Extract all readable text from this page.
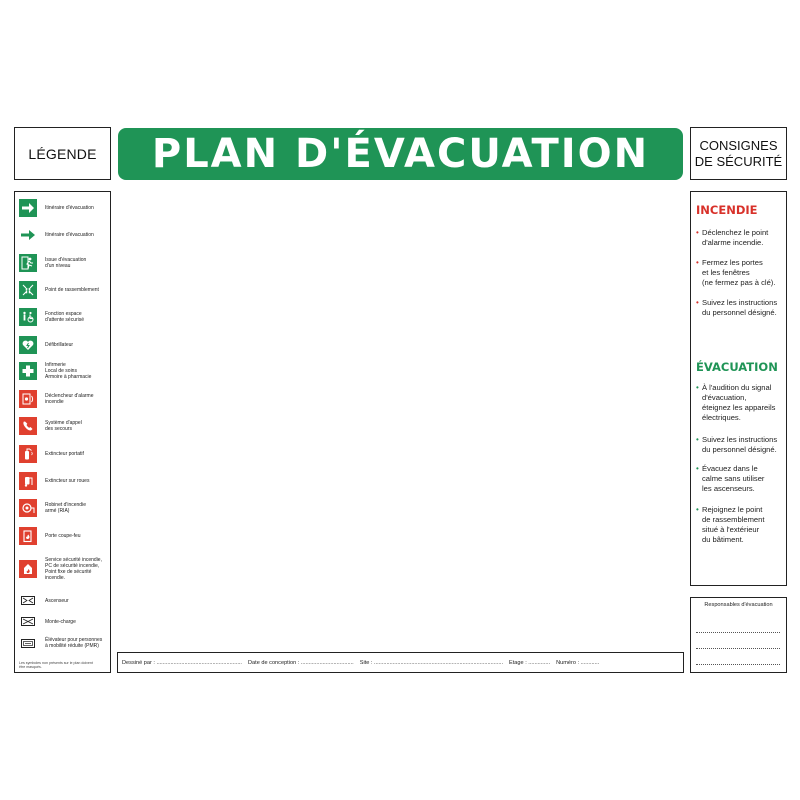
LÉGENDE PLAN D'ÉVACUATION	CONSIGNES
DE SÉCURITÉ
Itinéraire d'évacuation
Itinéraire d'évacuation
Issue d'évacuation
d'un niveau
Point de rassemblement
Fonction espace
d'attente sécurisé
Défibrillateur
Infirmerie
Local de soins
Armoire à pharmacie
Déclencheur d'alarme
incendie
Système d'appel
des secours
Extincteur portatif
Extincteur sur roues
Robinet d'incendie
armé (RIA)
Porte coupe-feu
Service sécurité incendie,
PC de sécurité incendie,
Point fixe de sécurité
incendie.
Ascenseur
Monte-charge
Élévateur pour personnes
à mobilité réduite (PMR)
Les symboles non présents sur le plan doivent
être masqués.
Dessiné par : ....................................................... Date de conception : .................................. Site : ................................................................................... Etage : .............. Numéro : ............
INCENDIE
• Déclenchez le point
d'alarme incendie.
• Fermez les portes
et les fenêtres
(ne fermez pas à clé).
• Suivez les instructions
du personnel désigné.
ÉVACUATION
• À l'audition du signal
d'évacuation,
éteignez les appareils
électriques.
• Suivez les instructions
du personnel désigné.
• Évacuez dans le
calme sans utiliser
les ascenseurs.
• Rejoignez le point
de rassemblement
situé à l'extérieur
du bâtiment.
Responsables d'évacuation
